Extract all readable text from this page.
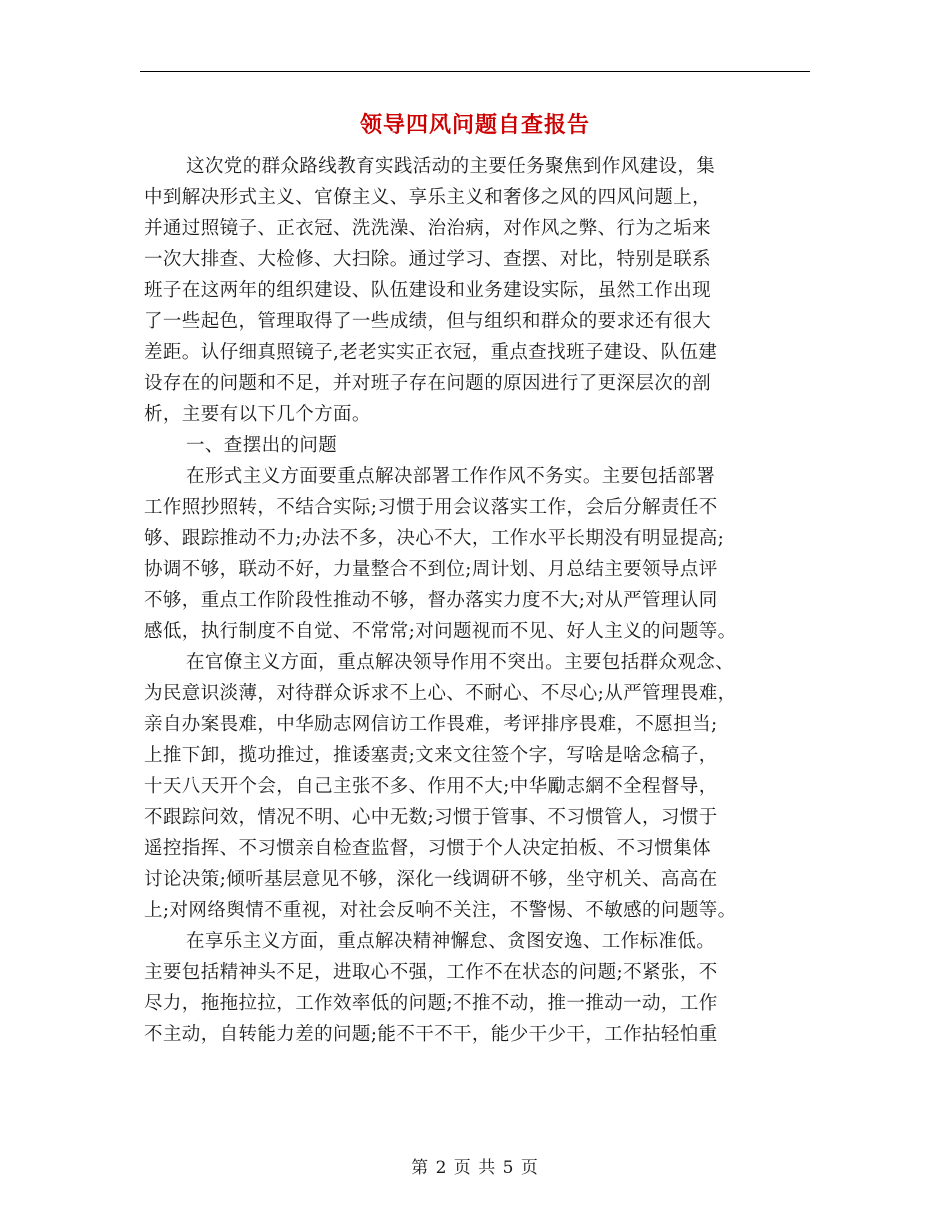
领导四风问题自查报告
这次党的群众路线教育实践活动的主要任务聚焦到作风建设，集
中到解决形式主义、官僚主义、享乐主义和奢侈之风的四风问题上，
并通过照镜子、正衣冠、洗洗澡、治治病，对作风之弊、行为之垢来
一次大排查、大检修、大扫除。通过学习、查摆、对比，特别是联系
班子在这两年的组织建设、队伍建设和业务建设实际，虽然工作出现
了一些起色，管理取得了一些成绩，但与组织和群众的要求还有很大
差距。认仔细真照镜子,老老实实正衣冠，重点查找班子建设、队伍建
设存在的问题和不足，并对班子存在问题的原因进行了更深层次的剖
析，主要有以下几个方面。
一、查摆出的问题
在形式主义方面要重点解决部署工作作风不务实。主要包括部署
工作照抄照转，不结合实际;习惯于用会议落实工作，会后分解责任不
够、跟踪推动不力;办法不多，决心不大，工作水平长期没有明显提高;
协调不够，联动不好，力量整合不到位;周计划、月总结主要领导点评
不够，重点工作阶段性推动不够，督办落实力度不大;对从严管理认同
感低，执行制度不自觉、不常常;对问题视而不见、好人主义的问题等。
在官僚主义方面，重点解决领导作用不突出。主要包括群众观念、
为民意识淡薄，对待群众诉求不上心、不耐心、不尽心;从严管理畏难，
亲自办案畏难，中华励志网信访工作畏难，考评排序畏难，不愿担当;
上推下卸，揽功推过，推诿塞责;文来文往签个字，写啥是啥念稿子，
十天八天开个会，自己主张不多、作用不大;中华勵志網不全程督导，
不跟踪问效，情况不明、心中无数;习惯于管事、不习惯管人，习惯于
遥控指挥、不习惯亲自检查监督，习惯于个人决定拍板、不习惯集体
讨论决策;倾听基层意见不够，深化一线调研不够，坐守机关、高高在
上;对网络舆情不重视，对社会反响不关注，不警惕、不敏感的问题等。
在享乐主义方面，重点解决精神懈怠、贪图安逸、工作标准低。
主要包括精神头不足，进取心不强，工作不在状态的问题;不紧张，不
尽力，拖拖拉拉，工作效率低的问题;不推不动，推一推动一动，工作
不主动，自转能力差的问题;能不干不干，能少干少干，工作拈轻怕重
第 2 页 共 5 页
